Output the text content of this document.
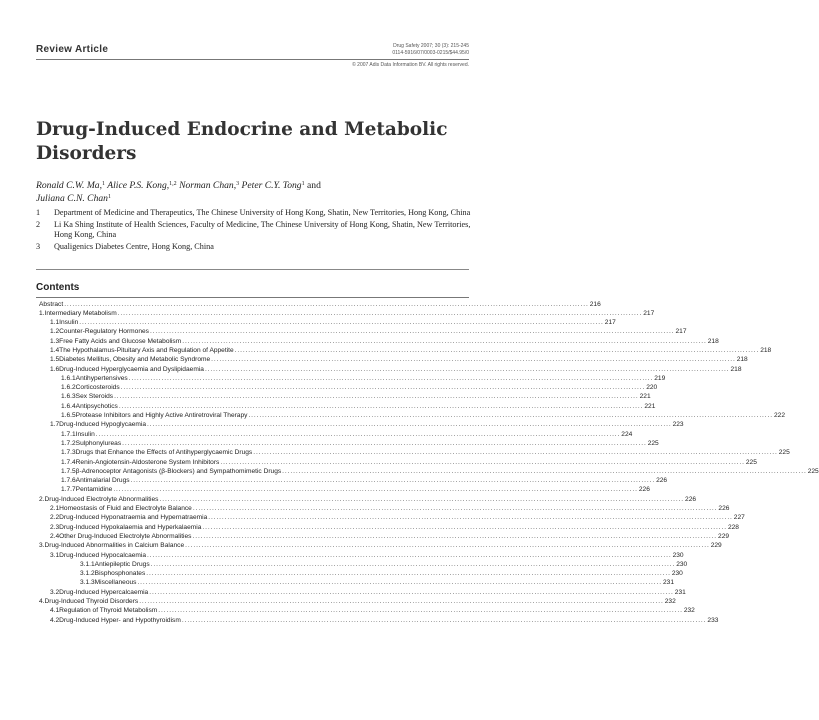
Review Article	Drug Safety 2007; 30 (3): 215-245
0114-5916/07/0003-0215/$44.95/0
© 2007 Adis Data Information BV. All rights reserved.
Drug-Induced Endocrine and Metabolic Disorders
Ronald C.W. Ma,$^1$ Alice P.S. Kong,$^{1,2}$ Norman Chan,$^3$ Peter C.Y. Tong$^1$ and
Juliana C.N. Chan$^1$
1 Department of Medicine and Therapeutics, The Chinese University of Hong Kong, Shatin, New Territories, Hong Kong, China
2 Li Ka Shing Institute of Health Sciences, Faculty of Medicine, The Chinese University of Hong Kong, Shatin, New Territories, Hong Kong, China
3 Qualigenics Diabetes Centre, Hong Kong, China
Contents
Abstract .....	216
1. Intermediary Metabolism .....	217
1.1 Insulin .....	217
1.2 Counter-Regulatory Hormones .....	217
1.3 Free Fatty Acids and Glucose Metabolism .....	218
1.4 The Hypothalamus-Pituitary Axis and Regulation of Appetite .....	218
1.5 Diabetes Mellitus, Obesity and Metabolic Syndrome .....	218
1.6 Drug-Induced Hyperglycaemia and Dyslipidaemia .....	218
1.6.1 Antihypertensives .....	219
1.6.2 Corticosteroids .....	220
1.6.3 Sex Steroids .....	221
1.6.4 Antipsychotics .....	221
1.6.5 Protease Inhibitors and Highly Active Antiretroviral Therapy .....	222
1.7 Drug-Induced Hypoglycaemia .....	223
1.7.1 Insulin .....	224
1.7.2 Sulphonylureas .....	225
1.7.3 Drugs that Enhance the Effects of Antihyperglycaemic Drugs .....	225
1.7.4 Renin-Angiotensin-Aldosterone System Inhibitors .....	225
1.7.5 β-Adrenoceptor Antagonists (β-Blockers) and Sympathomimetic Drugs .....	225
1.7.6 Antimalarial Drugs .....	226
1.7.7 Pentamidine .....	226
2. Drug-Induced Electrolyte Abnormalities .....	226
2.1 Homeostasis of Fluid and Electrolyte Balance .....	226
2.2 Drug-Induced Hyponatraemia and Hypernatraemia .....	227
2.3 Drug-Induced Hypokalaemia and Hyperkalaemia .....	228
2.4 Other Drug-Induced Electrolyte Abnormalities .....	229
3. Drug-Induced Abnormalities in Calcium Balance .....	229
3.1 Drug-Induced Hypocalcaemia .....	230
3.1.1 Antiepileptic Drugs .....	230
3.1.2 Bisphosphonates .....	230
3.1.3 Miscellaneous .....	231
3.2 Drug-Induced Hypercalcaemia .....	231
4. Drug-Induced Thyroid Disorders .....	232
4.1 Regulation of Thyroid Metabolism .....	232
4.2 Drug-Induced Hyper- and Hypothyroidism .....	233
